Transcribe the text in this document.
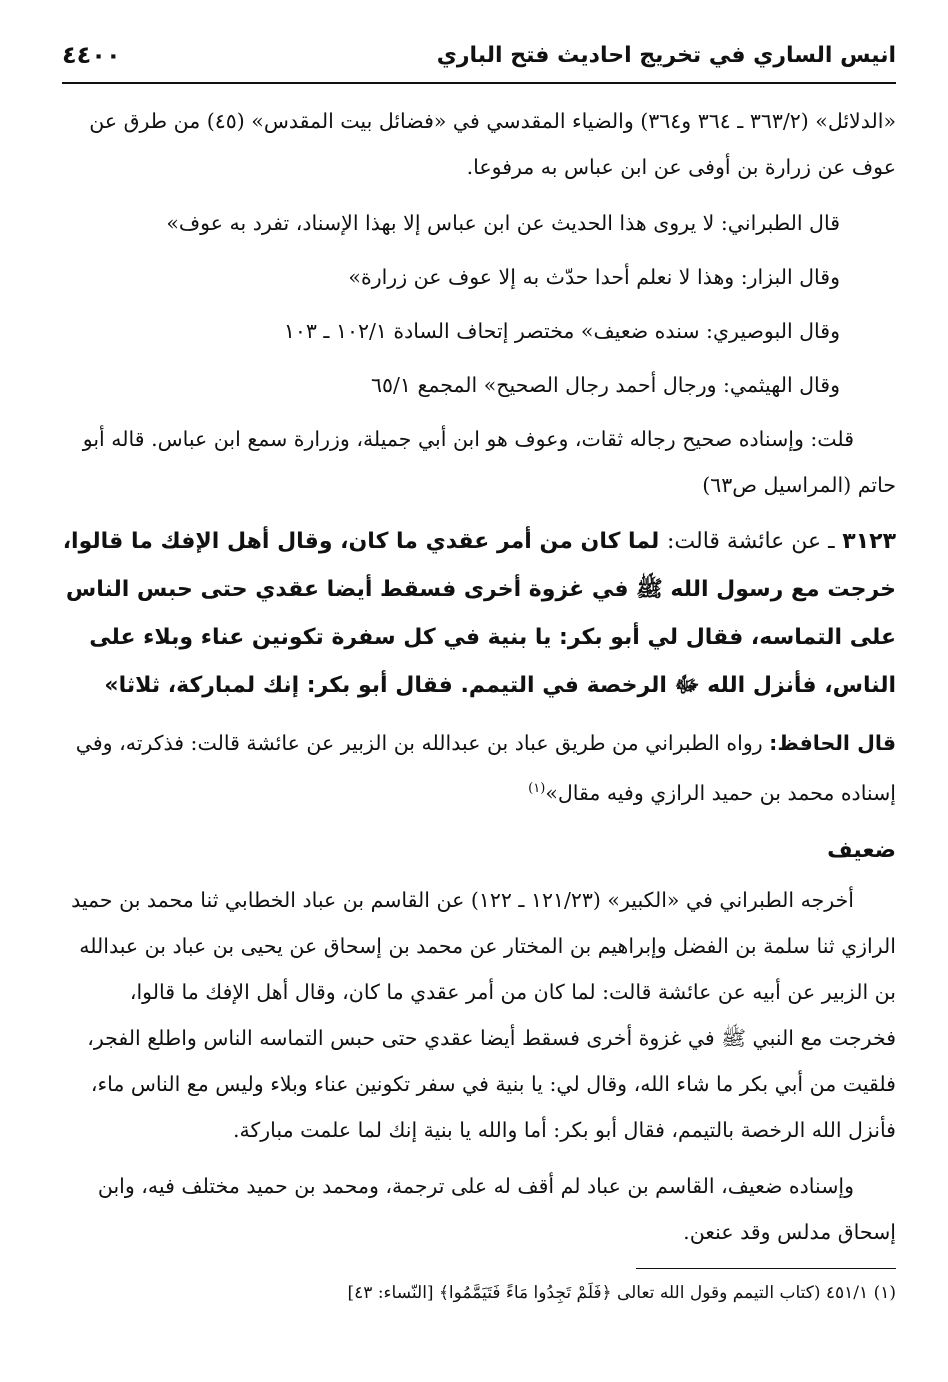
انيس الساري في تخريج احاديث فتح الباري
٤٤٠٠

«الدلائل» (٣٦٣/٢ ـ ٣٦٤ و٣٦٤) والضياء المقدسي في «فضائل بيت المقدس» (٤٥) من طرق عن عوف عن زرارة بن أوفى عن ابن عباس به مرفوعا.

قال الطبراني: لا يروى هذا الحديث عن ابن عباس إلا بهذا الإسناد، تفرد به عوف»

وقال البزار: وهذا لا نعلم أحدا حدّث به إلا عوف عن زرارة»

وقال البوصيري: سنده ضعيف» مختصر إتحاف السادة ١٠٢/١ ـ ١٠٣

وقال الهيثمي: ورجال أحمد رجال الصحيح» المجمع ٦٥/١

قلت: وإسناده صحيح رجاله ثقات، وعوف هو ابن أبي جميلة، وزرارة سمع ابن عباس. قاله أبو حاتم (المراسيل ص٦٣)

٣١٢٣ ـ عن عائشة قالت: لما كان من أمر عقدي ما كان، وقال أهل الإفك ما قالوا، خرجت مع رسول الله ﷺ في غزوة أخرى فسقط أيضا عقدي حتى حبس الناس على التماسه، فقال لي أبو بكر: يا بنية في كل سفرة تكونين عناء وبلاء على الناس، فأنزل الله ﷻ الرخصة في التيمم. فقال أبو بكر: إنك لمباركة، ثلاثا»

قال الحافظ: رواه الطبراني من طريق عباد بن عبدالله بن الزبير عن عائشة قالت: فذكرته، وفي إسناده محمد بن حميد الرازي وفيه مقال»$^{(١)}$

ضعيف

أخرجه الطبراني في «الكبير» (١٢١/٢٣ ـ ١٢٢) عن القاسم بن عباد الخطابي ثنا محمد بن حميد الرازي ثنا سلمة بن الفضل وإبراهيم بن المختار عن محمد بن إسحاق عن يحيى بن عباد بن عبدالله بن الزبير عن أبيه عن عائشة قالت: لما كان من أمر عقدي ما كان، وقال أهل الإفك ما قالوا، فخرجت مع النبي ﷺ في غزوة أخرى فسقط أيضا عقدي حتى حبس التماسه الناس واطلع الفجر، فلقيت من أبي بكر ما شاء الله، وقال لي: يا بنية في سفر تكونين عناء وبلاء وليس مع الناس ماء، فأنزل الله الرخصة بالتيمم، فقال أبو بكر: أما والله يا بنية إنك لما علمت مباركة.

وإسناده ضعيف، القاسم بن عباد لم أقف له على ترجمة، ومحمد بن حميد مختلف فيه، وابن إسحاق مدلس وقد عنعن.

(١) ٤٥١/١ (كتاب التيمم وقول الله تعالى ﴿فَلَمْ تَجِدُوا مَاءً فَتَيَمَّمُوا﴾ [النّساء: ٤٣]
